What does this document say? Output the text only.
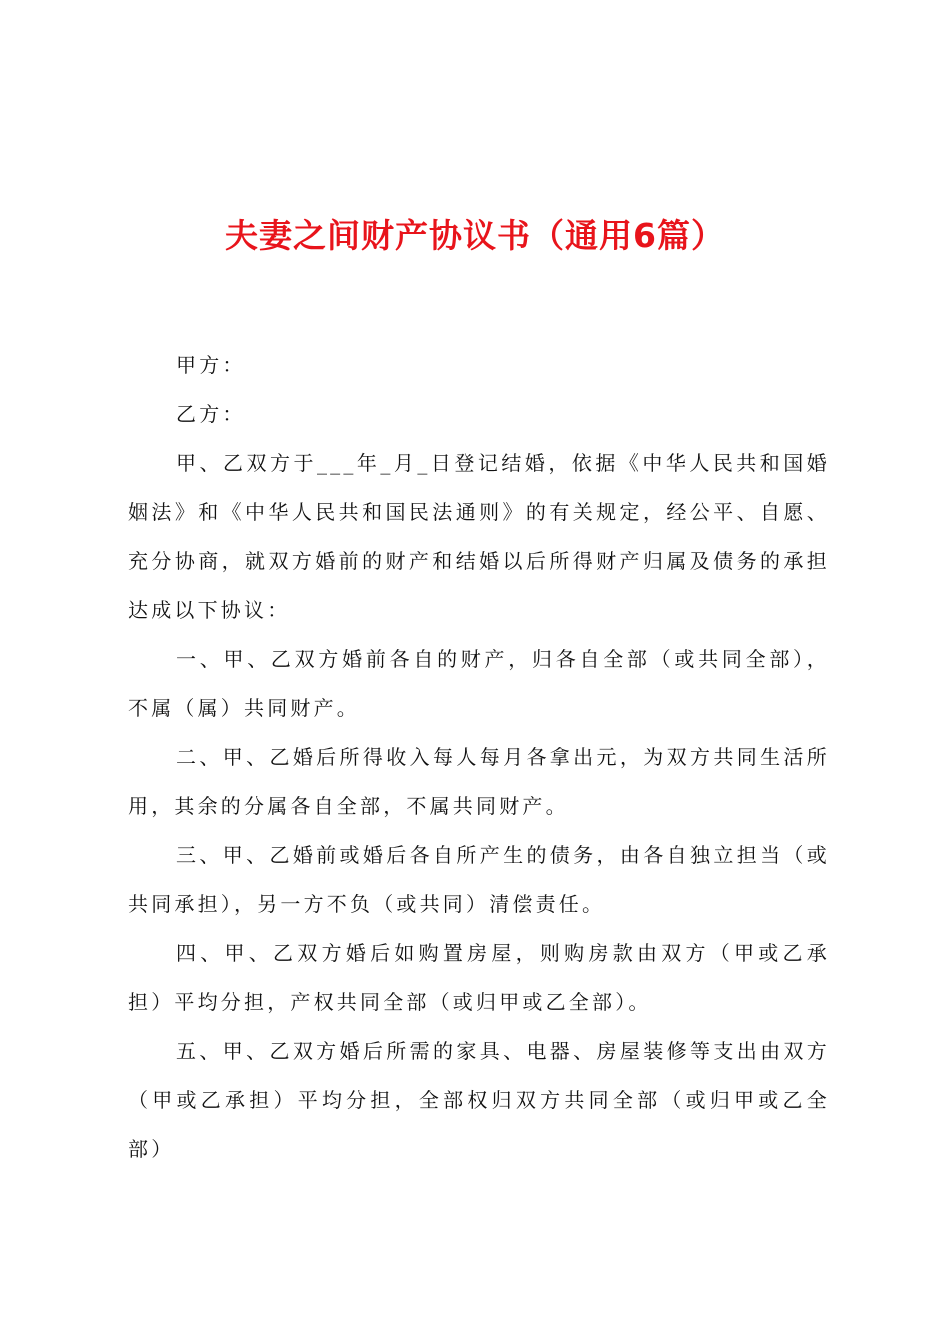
夫妻之间财产协议书（通用6篇）

甲方：

乙方：

甲、乙双方于___年_月_日登记结婚，依据《中华人民共和国婚姻法》和《中华人民共和国民法通则》的有关规定，经公平、自愿、充分协商，就双方婚前的财产和结婚以后所得财产归属及债务的承担达成以下协议：

一、甲、乙双方婚前各自的财产，归各自全部（或共同全部），不属（属）共同财产。

二、甲、乙婚后所得收入每人每月各拿出元，为双方共同生活所用，其余的分属各自全部，不属共同财产。

三、甲、乙婚前或婚后各自所产生的债务，由各自独立担当（或共同承担），另一方不负（或共同）清偿责任。

四、甲、乙双方婚后如购置房屋，则购房款由双方（甲或乙承担）平均分担，产权共同全部（或归甲或乙全部）。

五、甲、乙双方婚后所需的家具、电器、房屋装修等支出由双方（甲或乙承担）平均分担，全部权归双方共同全部（或归甲或乙全部）
